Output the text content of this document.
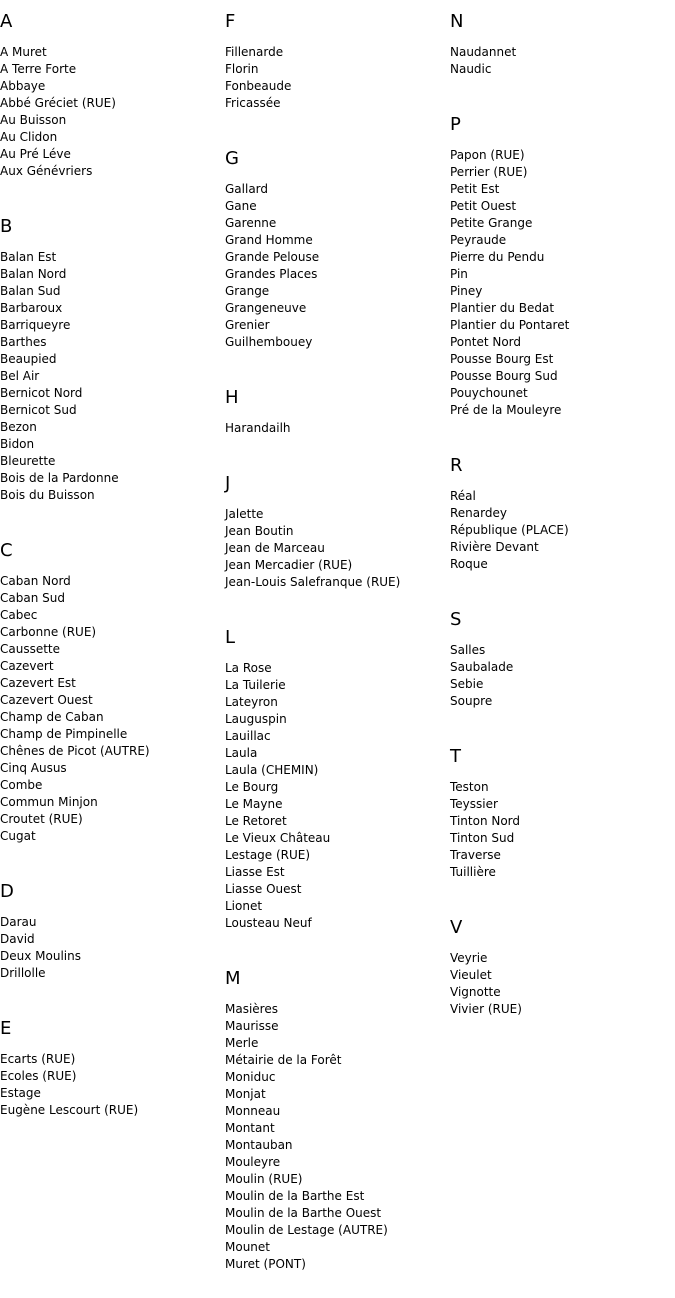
A
A Muret
A Terre Forte
Abbaye
Abbé Gréciet (RUE)
Au Buisson
Au Clidon
Au Pré Léve
Aux Génévriers
B
Balan Est
Balan Nord
Balan Sud
Barbaroux
Barriqueyre
Barthes
Beaupied
Bel Air
Bernicot Nord
Bernicot Sud
Bezon
Bidon
Bleurette
Bois de la Pardonne
Bois du Buisson
C
Caban Nord
Caban Sud
Cabec
Carbonne (RUE)
Caussette
Cazevert
Cazevert Est
Cazevert Ouest
Champ de Caban
Champ de Pimpinelle
Chênes de Picot (AUTRE)
Cinq Ausus
Combe
Commun Minjon
Croutet (RUE)
Cugat
D
Darau
David
Deux Moulins
Drillolle
E
Ecarts (RUE)
Ecoles (RUE)
Estage
Eugène Lescourt (RUE)
F
Fillenarde
Florin
Fonbeaude
Fricassée
G
Gallard
Gane
Garenne
Grand Homme
Grande Pelouse
Grandes Places
Grange
Grangeneuve
Grenier
Guilhembouey
H
Harandailh
J
Jalette
Jean Boutin
Jean de Marceau
Jean Mercadier (RUE)
Jean-Louis Salefranque (RUE)
L
La Rose
La Tuilerie
Lateyron
Lauguspin
Lauillac
Laula
Laula (CHEMIN)
Le Bourg
Le Mayne
Le Retoret
Le Vieux Château
Lestage (RUE)
Liasse Est
Liasse Ouest
Lionet
Lousteau Neuf
M
Masières
Maurisse
Merle
Métairie de la Forêt
Moniduc
Monjat
Monneau
Montant
Montauban
Mouleyre
Moulin (RUE)
Moulin de la Barthe Est
Moulin de la Barthe Ouest
Moulin de Lestage (AUTRE)
Mounet
Muret (PONT)
N
Naudannet
Naudic
P
Papon (RUE)
Perrier (RUE)
Petit Est
Petit Ouest
Petite Grange
Peyraude
Pierre du Pendu
Pin
Piney
Plantier du Bedat
Plantier du Pontaret
Pontet Nord
Pousse Bourg Est
Pousse Bourg Sud
Pouychounet
Pré de la Mouleyre
R
Réal
Renardey
République (PLACE)
Rivière Devant
Roque
S
Salles
Saubalade
Sebie
Soupre
T
Teston
Teyssier
Tinton Nord
Tinton Sud
Traverse
Tuillière
V
Veyrie
Vieulet
Vignotte
Vivier (RUE)
